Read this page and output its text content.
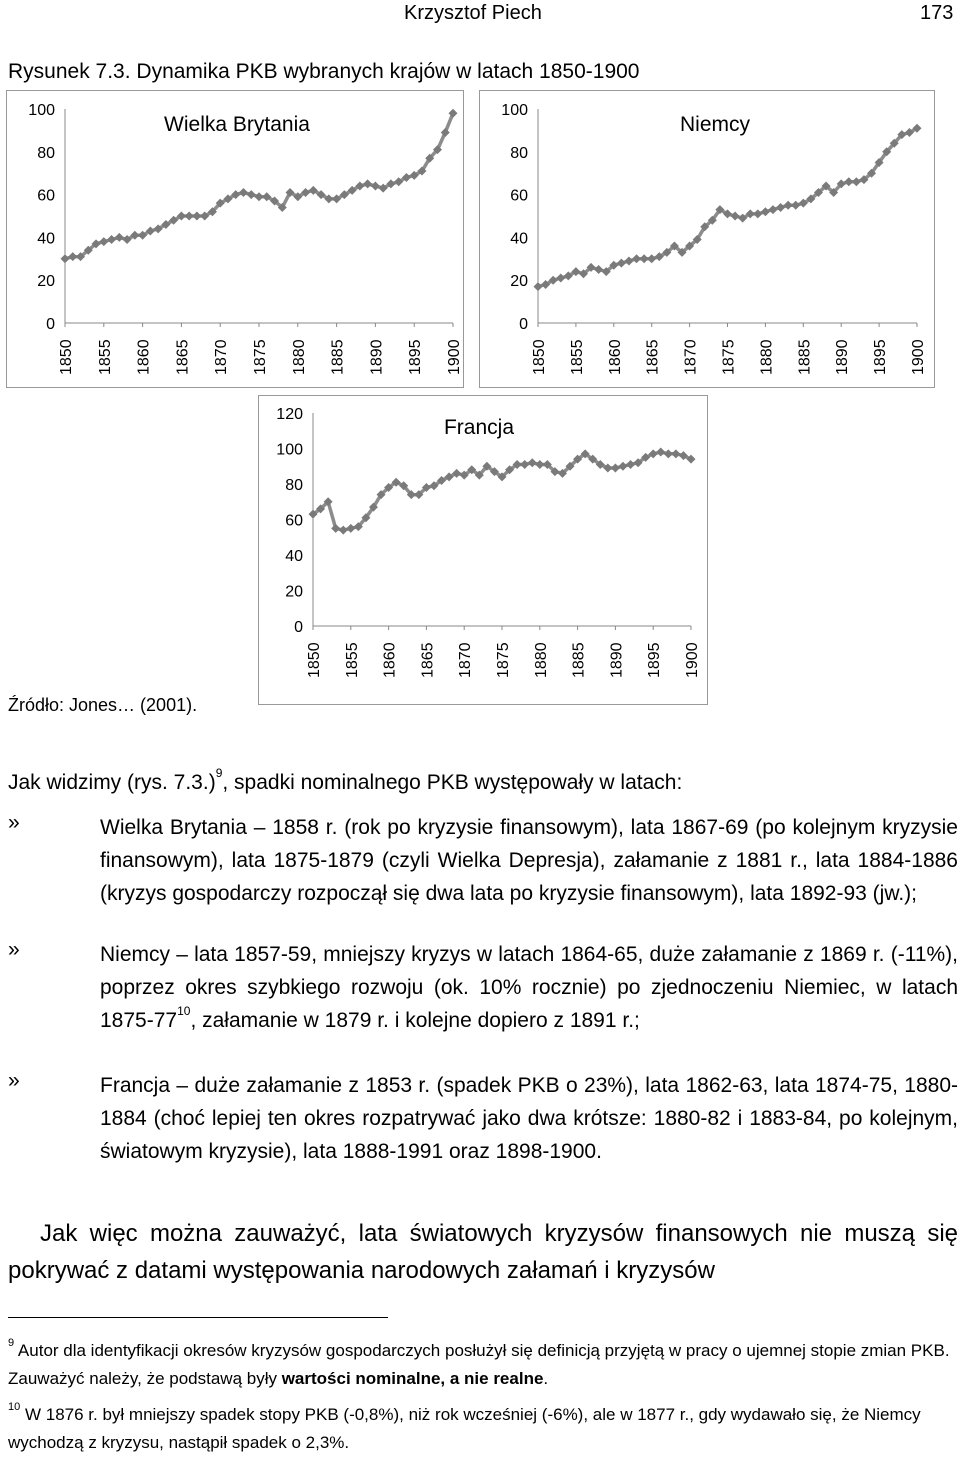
Krzysztof Piech	173
Rysunek 7.3. Dynamika PKB wybranych krajów w latach 1850-1900
0
20
40
60
80
100
1850 1855 1860 1865 1870 1875 1880 1885 1890 1895 1900
Wielka Brytania
0
20
40
60
80
100
1850 1855 1860 1865 1870 1875 1880 1885 1890 1895 1900
Niemcy
0
20
40
60
80
100
120
1850 1855 1860 1865 1870 1875 1880 1885 1890 1895 1900
Francja
Źródło: Jones… (2001).
Jak widzimy (rys. 7.3.)$^9$, spadki nominalnego PKB występowały w latach:
»	Wielka Brytania – 1858 r. (rok po kryzysie finansowym), lata 1867-69 (po kolejnym kryzysie finansowym), lata 1875-1879 (czyli Wielka Depresja), załamanie z 1881 r., lata 1884-1886 (kryzys gospodarczy rozpoczął się dwa lata po kryzysie finansowym), lata 1892-93 (jw.);
»	Niemcy – lata 1857-59, mniejszy kryzys w latach 1864-65, duże załamanie z 1869 r. (-11%), poprzez okres szybkiego rozwoju (ok. 10% rocznie) po zjednoczeniu Niemiec, w latach $1875-77^{10}$, załamanie w 1879 r. i kolejne dopiero z 1891 r.;
»	Francja – duże załamanie z 1853 r. (spadek PKB o 23%), lata 1862-63, lata 1874-75, 1880-1884 (choć lepiej ten okres rozpatrywać jako dwa krótsze: 1880-82 i 1883-84, po kolejnym, światowym kryzysie), lata 1888-1991 oraz 1898-1900.
Jak więc można zauważyć, lata światowych kryzysów finansowych nie muszą się pokrywać z datami występowania narodowych załamań i kryzysów
$^9$ Autor dla identyfikacji okresów kryzysów gospodarczych posłużył się definicją przyjętą w pracy o ujemnej stopie zmian PKB. Zauważyć należy, że podstawą były wartości nominalne, a nie realne.
$^{10}$ W 1876 r. był mniejszy spadek stopy PKB (-0,8%), niż rok wcześniej (-6%), ale w 1877 r., gdy wydawało się, że Niemcy wychodzą z kryzysu, nastąpił spadek o 2,3%.
